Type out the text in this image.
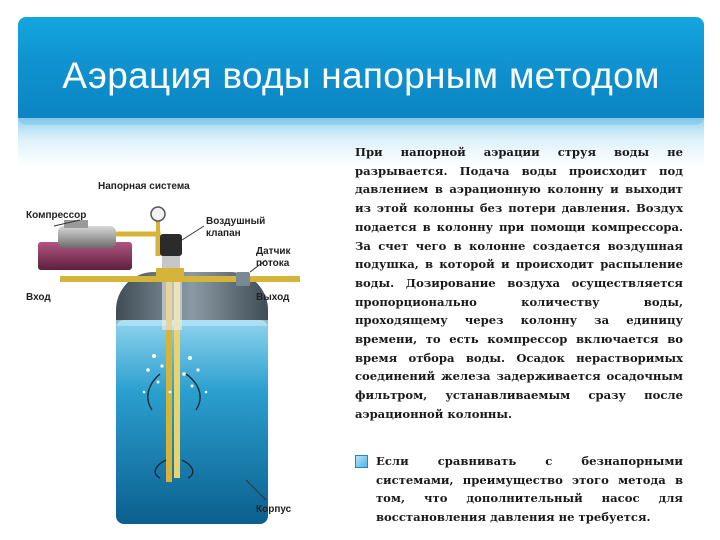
Аэрация воды напорным методом
Напорная система
Компрессор
Воздушный
клапан
Датчик
потока
Вход	Выход
Корпус
При напорной аэрации струя воды не разрывается. Подача воды происходит под давлением в аэрационную колонну и выходит из этой колонны без потери давления. Воздух подается в колонну при помощи компрессора. За счет чего в колонне создается воздушная подушка, в которой и происходит распыление воды. Дозирование воздуха осуществляется пропорционально количеству воды, проходящему через колонну за единицу времени, то есть компрессор включается во время отбора воды. Осадок нерастворимых соединений железа задерживается осадочным фильтром, устанавливаемым сразу после аэрационной колонны.
Если сравнивать с безнапорными системами, преимущество этого метода в том, что дополнительный насос для восстановления давления не требуется.
